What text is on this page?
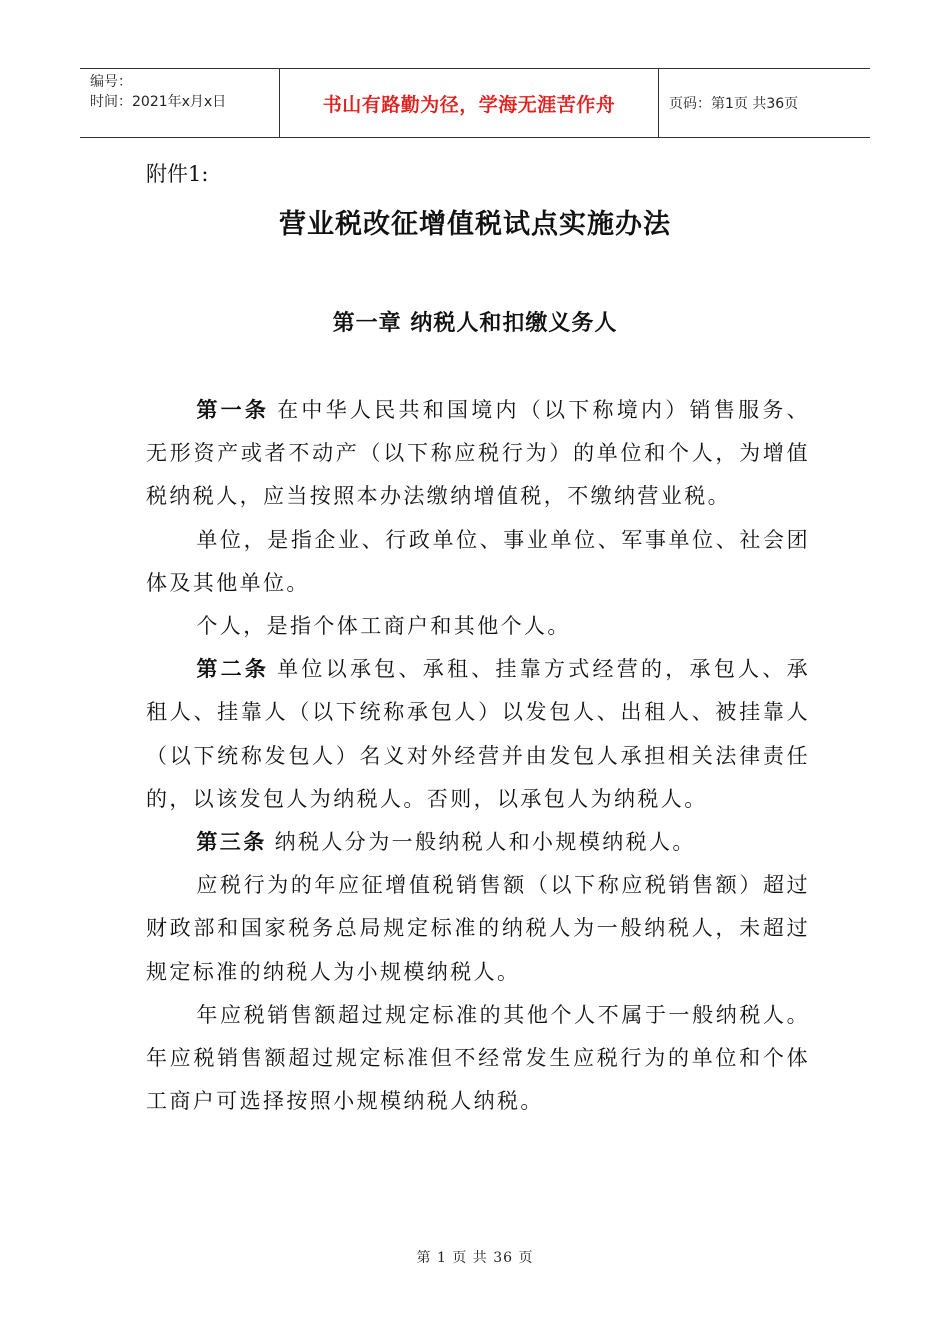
编号：
时间：2021年x月x日	书山有路勤为径，学海无涯苦作舟	页码：第1页 共36页
附件1:
营业税改征增值税试点实施办法
第一章 纳税人和扣缴义务人

第一条 在中华人民共和国境内（以下称境内）销售服务、无形资产或者不动产（以下称应税行为）的单位和个人，为增值税纳税人，应当按照本办法缴纳增值税，不缴纳营业税。

单位，是指企业、行政单位、事业单位、军事单位、社会团体及其他单位。

个人，是指个体工商户和其他个人。

第二条 单位以承包、承租、挂靠方式经营的，承包人、承租人、挂靠人（以下统称承包人）以发包人、出租人、被挂靠人（以下统称发包人）名义对外经营并由发包人承担相关法律责任的，以该发包人为纳税人。否则，以承包人为纳税人。

第三条 纳税人分为一般纳税人和小规模纳税人。

应税行为的年应征增值税销售额（以下称应税销售额）超过财政部和国家税务总局规定标准的纳税人为一般纳税人，未超过规定标准的纳税人为小规模纳税人。

年应税销售额超过规定标准的其他个人不属于一般纳税人。年应税销售额超过规定标准但不经常发生应税行为的单位和个体工商户可选择按照小规模纳税人纳税。

第 1 页 共 36 页
